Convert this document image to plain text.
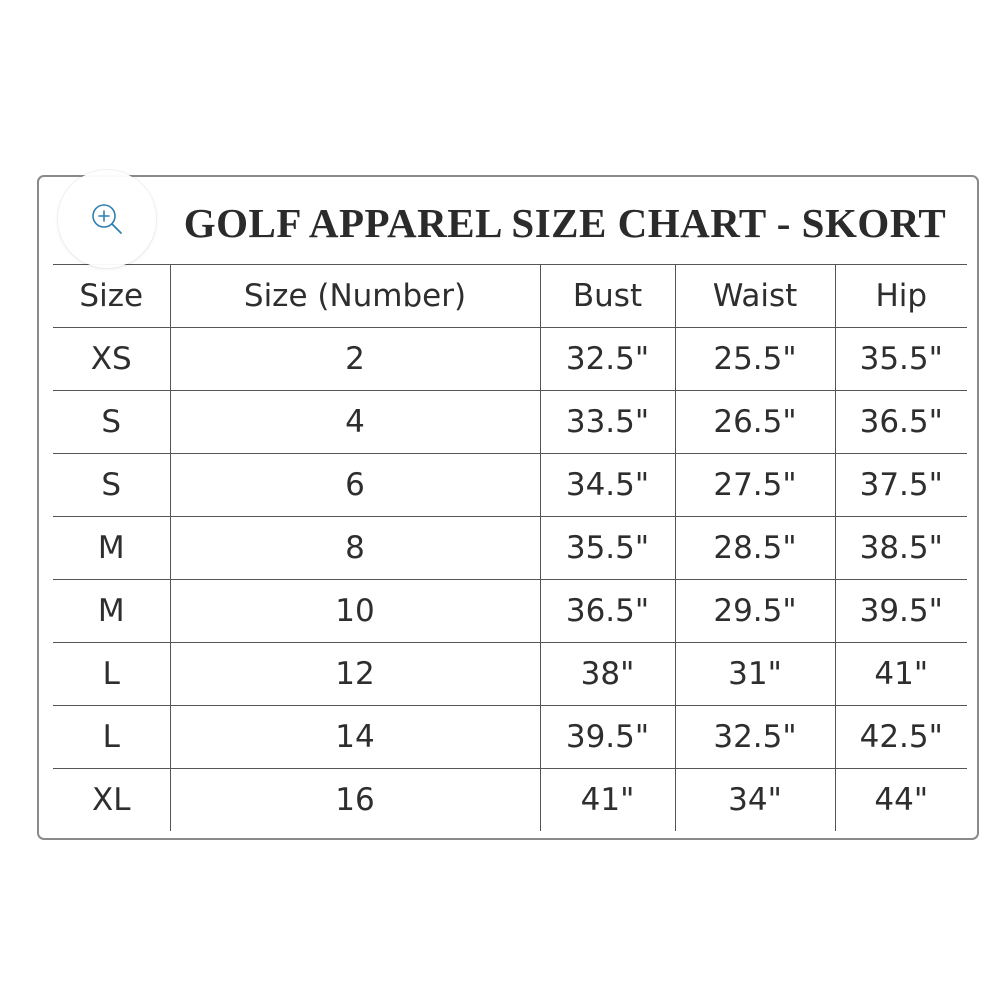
GOLF APPAREL SIZE CHART - SKORT
Size	Size (Number)	Bust	Waist	Hip
XS	2	32.5"	25.5"	35.5"
S	4	33.5"	26.5"	36.5"
S	6	34.5"	27.5"	37.5"
M	8	35.5"	28.5"	38.5"
M	10	36.5"	29.5"	39.5"
L	12	38"	31"	41"
L	14	39.5"	32.5"	42.5"
XL	16	41"	34"	44"
